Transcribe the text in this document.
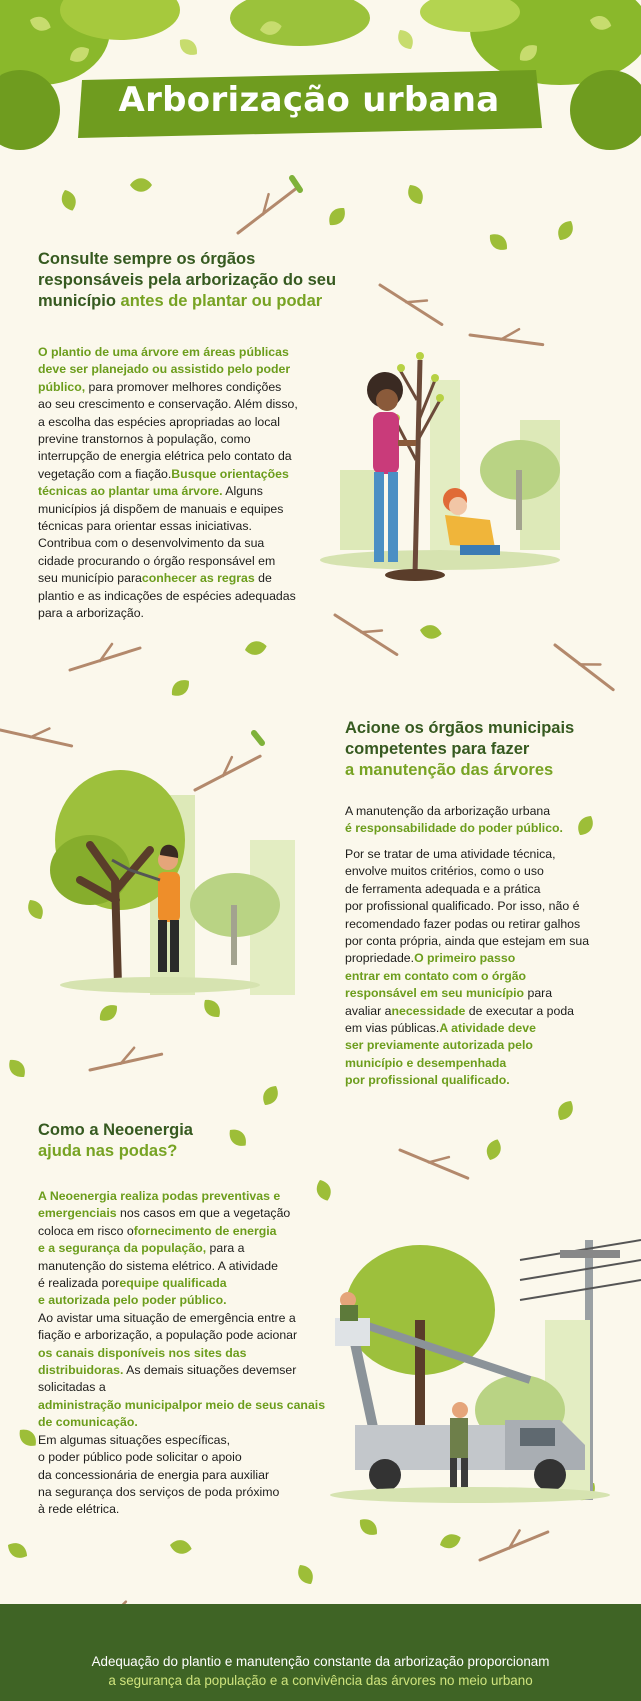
Arborização urbana
Consulte sempre os órgãos
responsáveis pela arborização do seu
município antes de plantar ou podar
O plantio de uma árvore em áreas públicas
deve ser planejado ou assistido pelo poder
público, para promover melhores condições
ao seu crescimento e conservação. Além disso,
a escolha das espécies apropriadas ao local
previne transtornos à população, como
interrupção de energia elétrica pelo contato da
vegetação com a fiação.Busque orientações
técnicas ao plantar uma árvore. Alguns
municípios já dispõem de manuais e equipes
técnicas para orientar essas iniciativas.
Contribua com o desenvolvimento da sua
cidade procurando o órgão responsável em
seu município paraconhecer as regras de
plantio e as indicações de espécies adequadas
para a arborização.
Acione os órgãos municipais
competentes para fazer
a manutenção das árvores
A manutenção da arborização urbana
é responsabilidade do poder público.
Por se tratar de uma atividade técnica,
envolve muitos critérios, como o uso
de ferramenta adequada e a prática
por profissional qualificado. Por isso, não é
recomendado fazer podas ou retirar galhos
por conta própria, ainda que estejam em sua
propriedade.O primeiro passo
entrar em contato com o órgão
responsável em seu município para
avaliar anecessidade de executar a poda
em vias públicas.A atividade deve
ser previamente autorizada pelo
município e desempenhada
por profissional qualificado.
Como a Neoenergia
ajuda nas podas?
A Neoenergia realiza podas preventivas e
emergenciais nos casos em que a vegetação
coloca em risco ofornecimento de energia
e a segurança da população, para a
manutenção do sistema elétrico. A atividade
é realizada porequipe qualificada
e autorizada pelo poder público.
Ao avistar uma situação de emergência entre a
fiação e arborização, a população pode acionar
os canais disponíveis nos sites das
distribuidoras. As demais situações devemser solicitadas a
administração municipalpor meio de seus canais de comunicação.
Em algumas situações específicas,
o poder público pode solicitar o apoio
da concessionária de energia para auxiliar
na segurança dos serviços de poda próximo
à rede elétrica.
Adequação do plantio e manutenção constante da arborização proporcionam
a segurança da população e a convivência das árvores no meio urbano
